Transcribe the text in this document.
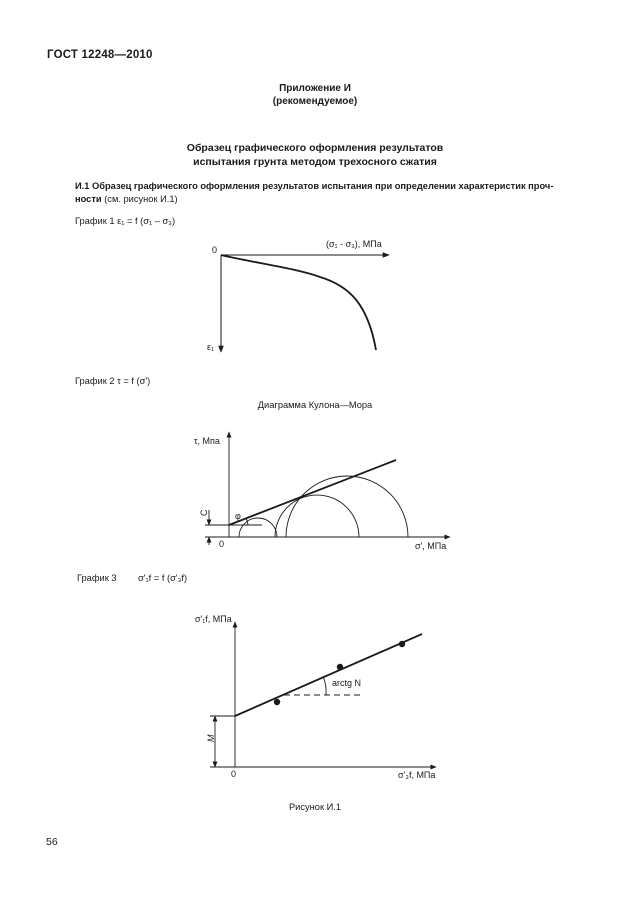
ГОСТ 12248—2010
Приложение И
(рекомендуемое)
Образец графического оформления результатов
испытания грунта методом трехосного сжатия
И.1 Образец графического оформления результатов испытания при определении характеристик проч-
ности (см. рисунок И.1)
График 1 ε₁ = f (σ₁ – σ₃)
График 2 τ = f (σ')
Диаграмма Кулона—Мора
График 3 σ'₁f = f (σ'₃f)
0
(σ₁ - σ₃), МПа
ε₁
τ, Мпа
σ', МПа
0
C	φ
σ'₁f, МПа
σ'₃f, МПа
0
M
arctg N
Рисунок И.1
56
